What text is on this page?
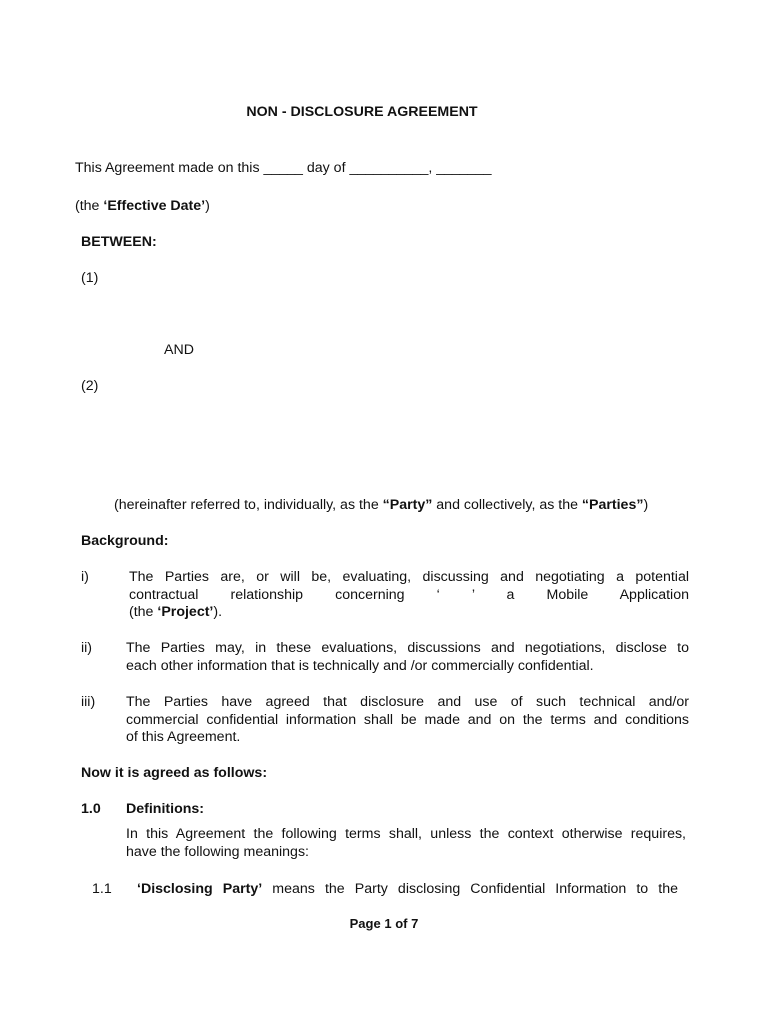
NON - DISCLOSURE AGREEMENT
This Agreement made on this _____ day of __________, _______
(the ‘Effective Date’)
BETWEEN:
(1)
AND
(2)
(hereinafter referred to, individually, as the “Party” and collectively, as the “Parties”)
Background:
i)	The Parties are, or will be, evaluating, discussing and negotiating a potential
contractual relationship concerning ‘ ’ a Mobile Application
(the ‘Project’).
ii) The Parties may, in these evaluations, discussions and negotiations, disclose to
each other information that is technically and /or commercially confidential.
iii) The Parties have agreed that disclosure and use of such technical and/or
commercial confidential information shall be made and on the terms and conditions
of this Agreement.
Now it is agreed as follows:
1.0 Definitions:
In this Agreement the following terms shall, unless the context otherwise requires,
have the following meanings:
1.1 ‘Disclosing Party’ means the Party disclosing Confidential Information to the
Page 1 of 7
